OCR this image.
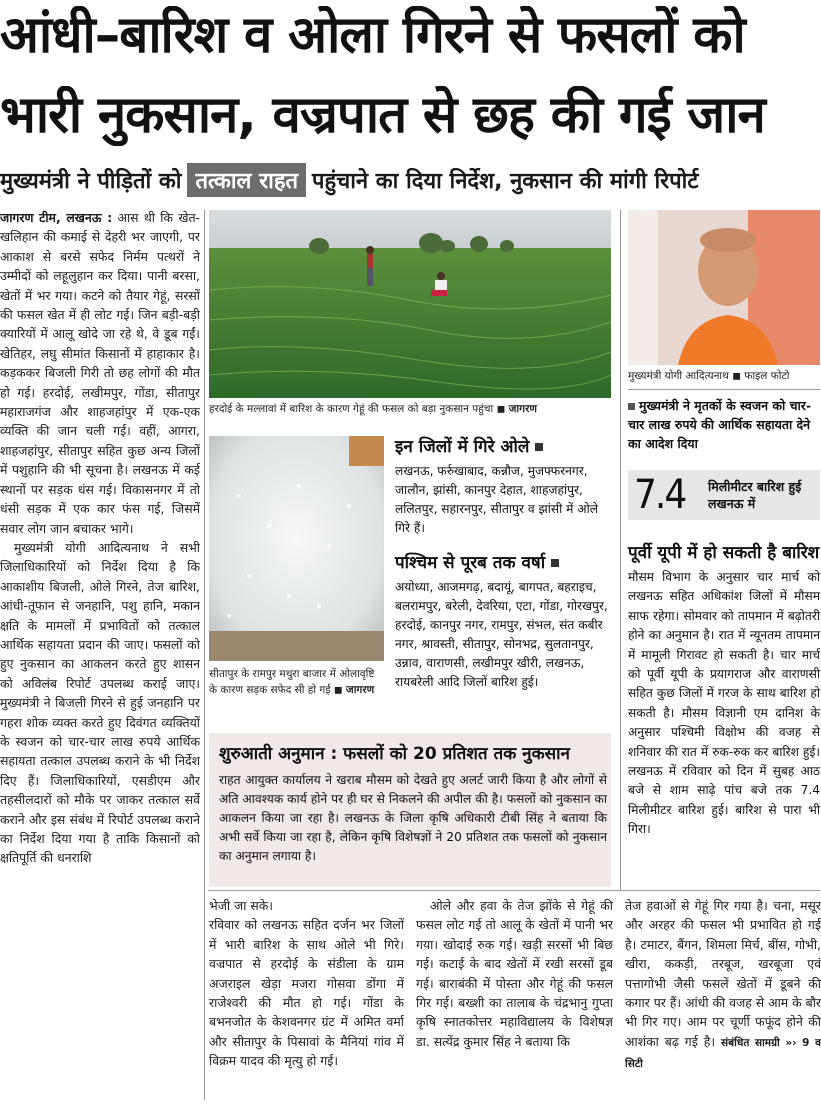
आंधी–बारिश व ओला गिरने से फसलों को
भारी नुकसान, वज्रपात से छह की गई जान
मुख्यमंत्री ने पीड़ितों को तत्काल राहत पहुंचाने का दिया निर्देश, नुकसान की मांगी रिपोर्ट

जागरण टीम, लखनऊ : आस थी कि खेत-खलिहान की कमाई से देहरी भर जाएगी, पर आकाश से बरसे सफेद निर्मम पत्थरों ने उम्मीदों को लहूलुहान कर दिया। पानी बरसा, खेतों में भर गया। कटने को तैयार गेहूं, सरसों की फसल खेत में ही लोट गई। जिन बड़ी-बड़ी क्यारियों में आलू खोदे जा रहे थे, वे डूब गईं। खेतिहर, लघु सीमांत किसानों में हाहाकार है। कड़ककर बिजली गिरी तो छह लोगों की मौत हो गई। हरदोई, लखीमपुर, गोंडा, सीतापुर महाराजगंज और शाहजहांपुर में एक-एक व्यक्ति की जान चली गई। वहीं, आगरा, शाहजहांपुर, सीतापुर सहित कुछ अन्य जिलों में पशुहानि की भी सूचना है। लखनऊ में कई स्थानों पर सड़क धंस गई। विकासनगर में तो धंसी सड़क में एक कार फंस गई, जिसमें सवार लोग जान बचाकर भागे।

मुख्यमंत्री योगी आदित्यनाथ ने सभी जिलाधिकारियों को निर्देश दिया है कि आकाशीय बिजली, ओले गिरने, तेज बारिश, आंधी-तूफान से जनहानि, पशु हानि, मकान क्षति के मामलों में प्रभावितों को तत्काल आर्थिक सहायता प्रदान की जाए। फसलों को हुए नुकसान का आकलन करते हुए शासन को अविलंब रिपोर्ट उपलब्ध कराई जाए। मुख्यमंत्री ने बिजली गिरने से हुई जनहानि पर गहरा शोक व्यक्त करते हुए दिवंगत व्यक्तियों के स्वजन को चार-चार लाख रुपये आर्थिक सहायता तत्काल उपलब्ध कराने के भी निर्देश दिए हैं। जिलाधिकारियों, एसडीएम और तहसीलदारों को मौके पर जाकर तत्काल सर्वे कराने और इस संबंध में रिपोर्ट उपलब्ध कराने का निर्देश दिया गया है ताकि किसानों को क्षतिपूर्ति की धनराशि

हरदोई के मल्लावां में बारिश के कारण गेहूं की फसल को बड़ा नुकसान पहुंचा ◼ जागरण
सीतापुर के रामपुर मथुरा बाजार में ओलावृष्टि के कारण सड़क सफेद सी हो गई ◼ जागरण
इन जिलों में गिरे ओले
लखनऊ, फर्रुखाबाद, कन्नौज, मुजफ्फरनगर, जालौन, झांसी, कानपुर देहात, शाहजहांपुर, ललितपुर, सहारनपुर, सीतापुर व झांसी में ओले गिरे हैं।
पश्चिम से पूरब तक वर्षा
अयोध्या, आजमगढ़, बदायूं, बागपत, बहराइच, बलरामपुर, बरेली, देवरिया, एटा, गोंडा, गोरखपुर, हरदोई, कानपुर नगर, रामपुर, संभल, संत कबीर नगर, श्रावस्ती, सीतापुर, सोनभद्र, सुलतानपुर, उन्नाव, वाराणसी, लखीमपुर खीरी, लखनऊ, रायबरेली आदि जिलों बारिश हुई।
शुरुआती अनुमान : फसलों को 20 प्रतिशत तक नुकसान
राहत आयुक्त कार्यालय ने खराब मौसम को देखते हुए अलर्ट जारी किया है और लोगों से अति आवश्यक कार्य होने पर ही घर से निकलने की अपील की है। फसलों को नुकसान का आकलन किया जा रहा है। लखनऊ के जिला कृषि अधिकारी टीबी सिंह ने बताया कि अभी सर्वे किया जा रहा है, लेकिन कृषि विशेषज्ञों ने 20 प्रतिशत तक फसलों को नुकसान का अनुमान लगाया है।
मुख्यमंत्री योगी आदित्यनाथ ◼ फाइल फोटो
मुख्यमंत्री ने मृतकों के स्वजन को चार-चार लाख रुपये की आर्थिक सहायता देने का आदेश दिया
7.4	मिलीमीटर बारिश हुई लखनऊ में
पूर्वी यूपी में हो सकती है बारिश
मौसम विभाग के अनुसार चार मार्च को लखनऊ सहित अधिकांश जिलों में मौसम साफ रहेगा। सोमवार को तापमान में बढ़ोतरी होने का अनुमान है। रात में न्यूनतम तापमान में मामूली गिरावट हो सकती है। चार मार्च को पूर्वी यूपी के प्रयागराज और वाराणसी सहित कुछ जिलों में गरज के साथ बारिश हो सकती है। मौसम विज्ञानी एम दानिश के अनुसार पश्चिमी विक्षोभ की वजह से शनिवार की रात में रुक-रुक कर बारिश हुई। लखनऊ में रविवार को दिन में सुबह आठ बजे से शाम साढ़े पांच बजे तक 7.4 मिलीमीटर बारिश हुई। बारिश से पारा भी गिरा।

भेजी जा सके।
रविवार को लखनऊ सहित दर्जन भर जिलों में भारी बारिश के साथ ओले भी गिरे। वज्रपात से हरदोई के संडीला के ग्राम अजराइल खेड़ा मजरा गोसवा डोंगा में राजेश्वरी की मौत हो गई। गोंडा के बभनजोत के केशवनगर ग्रंट में अमित वर्मा और सीतापुर के पिसावां के मैनियां गांव में विक्रम यादव की मृत्यु हो गई।

ओले और हवा के तेज झोंके से गेहूं की फसल लोट गई तो आलू के खेतों में पानी भर गया। खोदाई रुक गई। खड़ी सरसों भी बिछ गई। कटाई के बाद खेतों में रखी सरसों डूब गई। बाराबंकी में पोस्ता और गेहूं की फसल गिर गई। बख्शी का तालाब के चंद्रभानु गुप्ता कृषि स्नातकोत्तर महाविद्यालय के विशेषज्ञ डा. सत्येंद्र कुमार सिंह ने बताया कि

तेज हवाओं से गेहूं गिर गया है। चना, मसूर और अरहर की फसल भी प्रभावित हो गई है। टमाटर, बैंगन, शिमला मिर्च, बींस, गोभी, खीरा, ककड़ी, तरबूज, खरबूजा एवं पत्तागोभी जैसी फसलें खेतों में डूबने की कगार पर हैं। आंधी की वजह से आम के बौर भी गिर गए। आम पर चूर्णी फफूंद होने की आशंका बढ़ गई है। संबंधित सामग्री »› 9 व सिटी
